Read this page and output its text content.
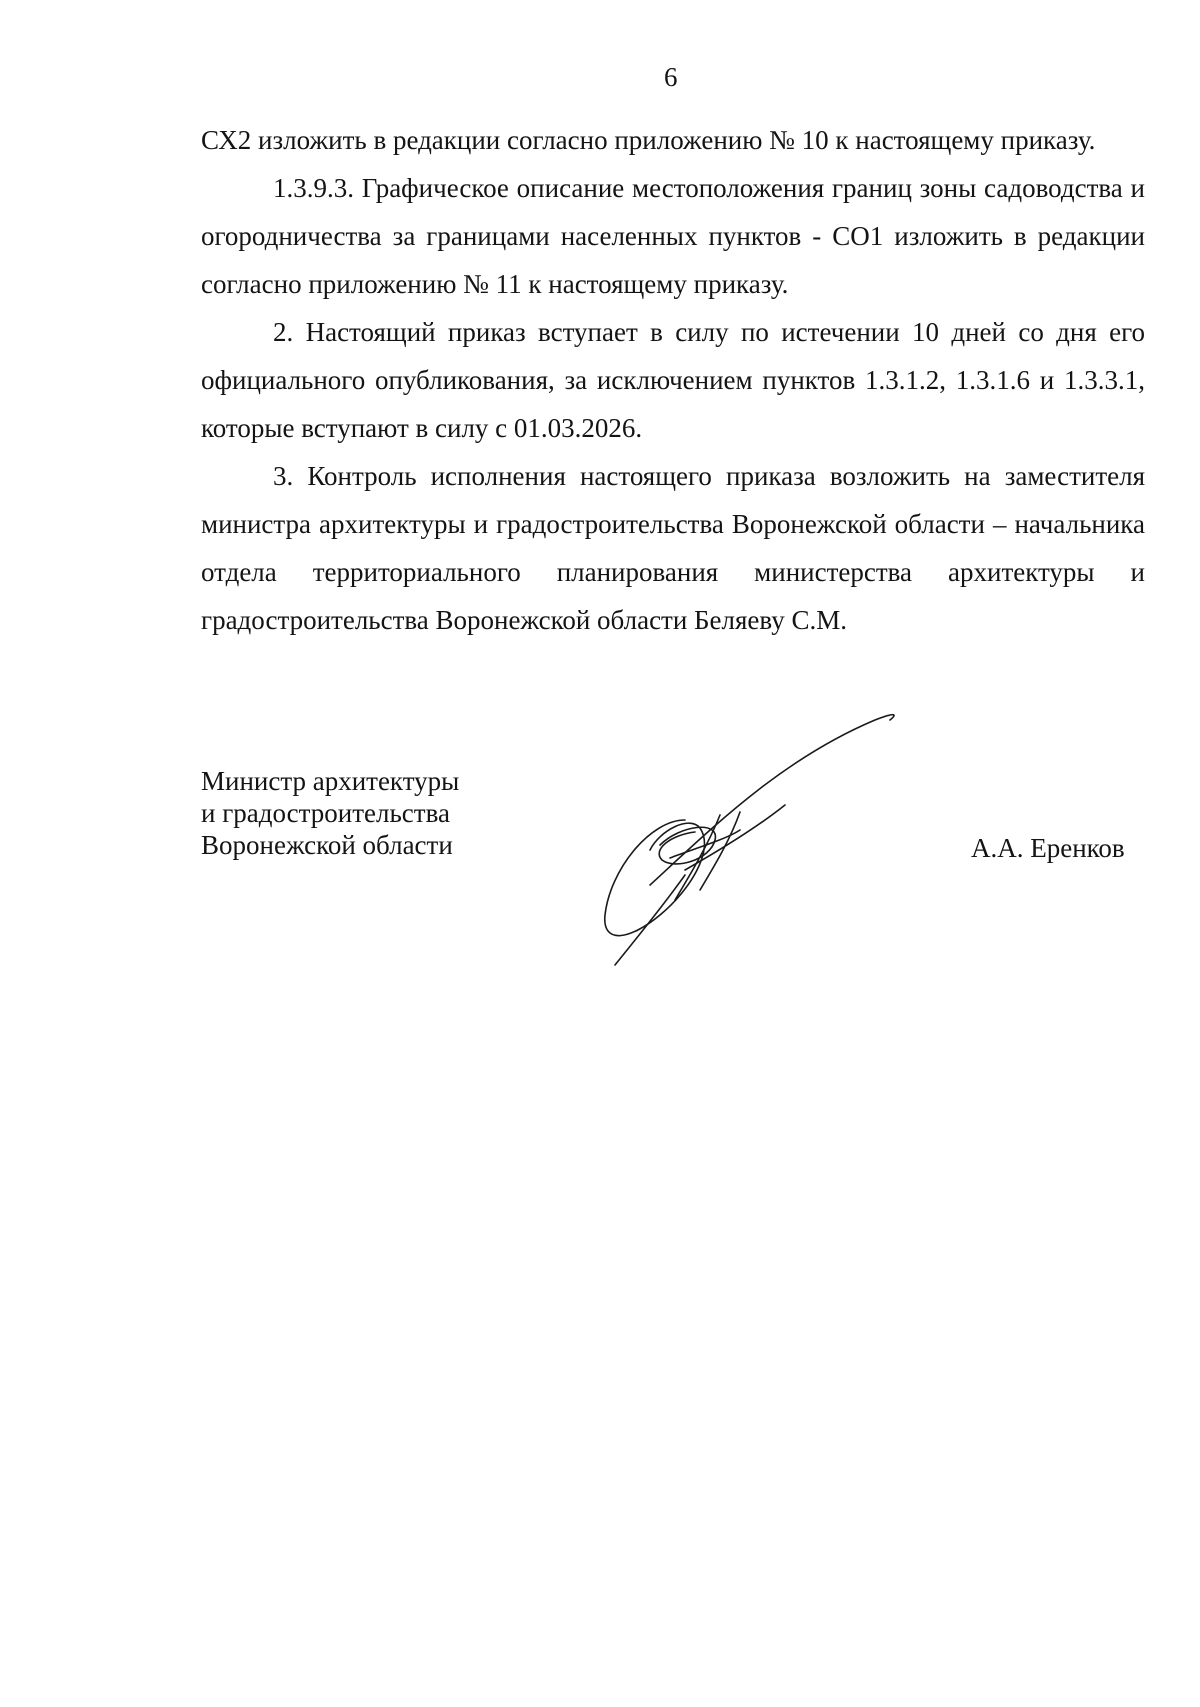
6

СХ2 изложить в редакции согласно приложению № 10 к настоящему приказу.

1.3.9.3. Графическое описание местоположения границ зоны садоводства и огородничества за границами населенных пунктов - СО1 изложить в редакции согласно приложению № 11 к настоящему приказу.

2. Настоящий приказ вступает в силу по истечении 10 дней со дня его официального опубликования, за исключением пунктов 1.3.1.2, 1.3.1.6 и 1.3.3.1, которые вступают в силу с 01.03.2026.

3. Контроль исполнения настоящего приказа возложить на заместителя министра архитектуры и градостроительства Воронежской области – начальника отдела территориального планирования министерства архитектуры и градостроительства Воронежской области Беляеву С.М.

Министр архитектуры
и градостроительства
Воронежской области	А.А. Еренков
